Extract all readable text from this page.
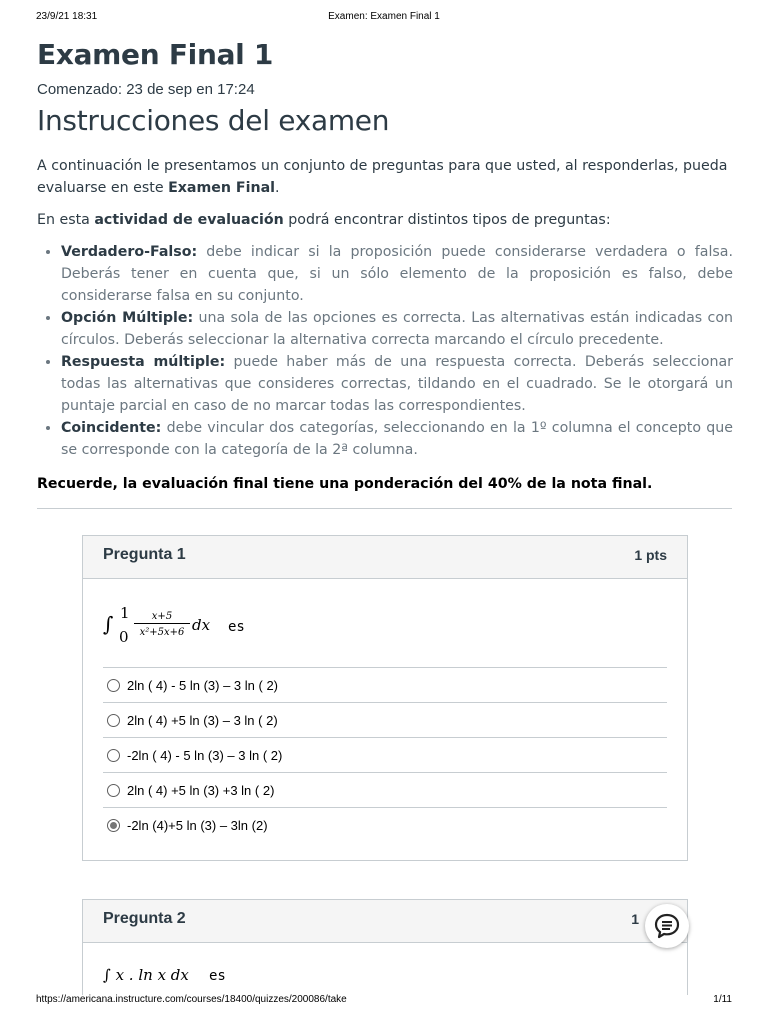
23/9/21 18:31	Examen: Examen Final 1
Examen Final 1
Comenzado: 23 de sep en 17:24
Instrucciones del examen

A continuación le presentamos un conjunto de preguntas para que usted, al responderlas, pueda evaluarse en este Examen Final.

En esta actividad de evaluación podrá encontrar distintos tipos de preguntas:

• Verdadero-Falso: debe indicar si la proposición puede considerarse verdadera o falsa. Deberás tener en cuenta que, si un sólo elemento de la proposición es falso, debe considerarse falsa en su conjunto.
• Opción Múltiple: una sola de las opciones es correcta. Las alternativas están indicadas con círculos. Deberás seleccionar la alternativa correcta marcando el círculo precedente.
• Respuesta múltiple: puede haber más de una respuesta correcta. Deberás seleccionar todas las alternativas que consideres correctas, tildando en el cuadrado. Se le otorgará un puntaje parcial en caso de no marcar todas las correspondientes.
• Coincidente: debe vincular dos categorías, seleccionando en la 1º columna el concepto que se corresponde con la categoría de la 2ª columna.

Recuerde, la evaluación final tiene una ponderación del 40% de la nota final.

Pregunta 1	1 pts
∫ 1
0
x+5
x²+5x+6 dx es
2ln ( 4) - 5 ln (3) – 3 ln ( 2)
2ln ( 4) +5 ln (3) – 3 ln ( 2)
-2ln ( 4) - 5 ln (3) – 3 ln ( 2)
2ln ( 4) +5 ln (3) +3 ln ( 2)
-2ln (4)+5 ln (3) – 3ln (2)
Pregunta 2	1
∫ x . ln x dx es
https://americana.instructure.com/courses/18400/quizzes/200086/take	1/11
